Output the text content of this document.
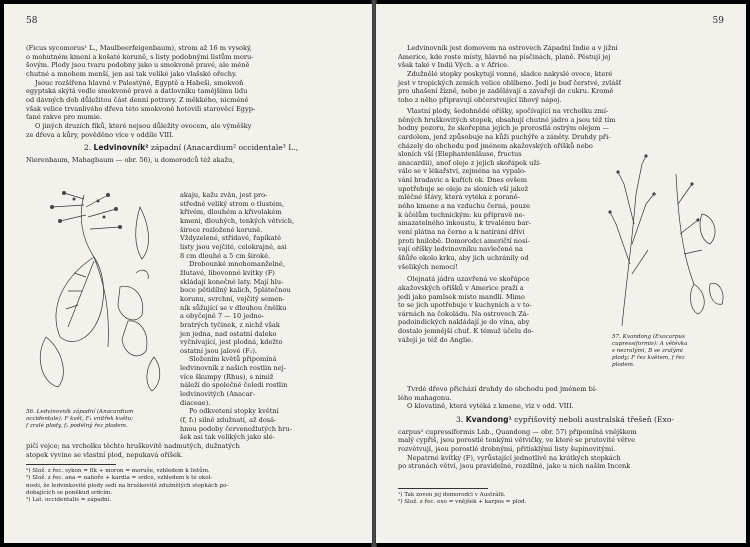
58

(Ficus sycomorus¹ L., Maulbeerfeigenbaum), strom až 16 m vysoký,

o mohutném kmeni a košaté koruně, s listy podobnými listům moru-

šovým. Plody jsou tvaru podobny jako u smokvoně pravé, ale méně

chutné a mnohem menší, jen asi tak veliké jako vlašské ořechy.

Jsouc rozšířena hlavně v Palestýně, Egyptě a Habeši, smokvoň

egyptská skýtá vedle smokvoně pravé a datlovníku tamějšímu lidu

od dávných dob důležitou část denní potravy. Z měkkého, nicméně

však velice trvanlivého dřeva této smokvoně hotovili starověcí Egyp-

ťané rakve pro mumie.

O jiných druzích fíků, které nejsou důležity ovocem, ale výměšky

ze dřeva a kůry, pověděno více v oddíle VIII.

2. Ledvinovník² západní (Anacardium² occidentale³ L.,

Nierenbaum, Mahagbaum — obr. 56), u domorodců též akažu,

56. Ledvinovník západní (Anacardium
occidentale). F květ, F₁ vnitřek květu;
f zralé plody, f₁ podélný řez plodem.

akaju, kažu zvân, jest pro-

středně veliký strom o tlustém,

křivém, dlouhém a křivolakém

kmeni, dlouhých, tenkých větvích,

široce rozložené koruně.

Vždyzelené, střídavé, řapíkaté

listy jsou vejčité, celokrajné, asi

8 cm dlouhé a 5 cm široké.

Drobounké mnohomanželné,

žlutavé, libovonné kvítky (F)

skládají konečné laty. Mají hlu-

boce pětidílný kalich, 5plátečnou

korunu, svrchní, vejčitý semen-

ník sůžující se v dlouhou čnělku

a obyčejně 7 — 10 jedno-

bratrých tyčinek, z nichž však

jen jedna, nad ostatní daleko

vyčnívající, jest plodná, kdežto

ostatní jsou jalové (F₁).

Složením květů připomíná

ledvinovník z našich rostlin nej-

více škumpy (Rhus), s nimiž

náleží do společné čeledi rostlin

ledvinovitých (Anacar-

diaceae).

Po odkvetení stopky květní

(f, f₁) silně zdužnatí, až dosá-

hnou podoby červenožlutých hru-

šek asi tak velikých jako slé-

pičí vejce; na vrcholku těchto hruškovitě nadmutých, dužnatých

stopek vyvine se vlastní plod, nepukavá oříšek.

¹) Slož. z řec. sykon = fík + moron = moruše, vzhledem k listům.
²) Slož. z řec. ana = nahoře + kardia = srdce, vzhledem k té okol-
nosti, že ledvinkovité plody sedí na hruškovitě zdužnělých stopkách po-
dobajících se poněkud srdcím.
³) Lat. occidentalis = západní.
59

Ledvinovník jest domovem na ostrovech Západní Indie a v jižní

Americe, kde roste místy, hlavně na písčinách, planě. Pěstují jej

však také v Indii Vých. a v Africe.

Zdužnělé stopky poskytují vonné, sladce nakyslé ovoce, které

jest v tropických zemích velice oblíbeno. Jedí je buď čerstvé, zvlášť

pro uhašení žízně, nebo je zadělávají a zavařejí do cukru. Kromě

toho z něho připravují občerstvující lihový nápoj.

Vlastní plody, šedohnědé oříšky, spočívající na vrcholku zmí-

něných hruškovitých stopek, obsahují chutné jádro a jsou též tím

hodny pozoru, že skořepina jejich je prorostlá ostrým olejem —

cardolem, jenž způsobuje na kůži puchýře a záněty. Druhdy při-

cházely do obchodu pod jménem akažovských oříšků nebo

sloních vší (Elephantenläuse, fructus

anacardii), anof oleje z jejich skořápek uží-

válo se v lékařství, zejména na vypalo-

vání bradavic a kuřích ok. Dnes ovšem

upotřebuje se oleje ze sloních vší jakož

mléčné šťávy, která vytéká z poraně-

ného kmene a na vzduchu černá, pouze

k účelům technickým: ku přípravě ne-

smazatelného inkoustu, k trvalému bar-

vení plátna na černo a k natírání dřívi

proti hnilobě. Domorodci američtí nosí-

vají oříšky ledvinovníku navlečené na

šňůře okolo krku, aby jich uchránily od

všelikých nemocí!

Olejnatá jádra uzavřená ve skořápce

akažovských oříšků v Americe praží a

jedí jako pamlsek místo mandlí. Mimo

to se jich upotřebuje v kuchyních a v to-

várnách na čokoládu. Na ostrovech Zá-

padoindických nakládají je do vína, aby

dostalo jemnější chuť. K témuž účelu do-

vážejí je též do Anglie.	57. Kvandong (Exocarpus
cupressiformis): A větévka
s nezralými, B se zralými
plody; F řez květem, f řez
plodem.

Tvrdé dřevo přichází druhdy do obchodu pod jménem bí-

lého mahagonu.

O klovatině, která vytéká z kmene, viz v odd. VIII.

3. Kvandong¹ cypřišovitý neboli australská třešeň (Exo-

carpus² cupressiformis Lab., Quandong — obr. 57) připomíná vnějškem

malý cypřiš, jsou porostlé tenkými větvičky, ve které se prutovité větve

rozvětvují, jsou porostlé drobnými, přitisklými listy šupinovitými.

Nepatrné kvítky (F), vyrůstající jednotlivě na krátkých stopkách

po stranách větví, jsou pravidelné, rozdílné, jako u nich naším Incenk

¹) Tak zovou jej domorodci v Austrálii.
²) Slož. z řec. exo = vnějšek + karpos = plod.
